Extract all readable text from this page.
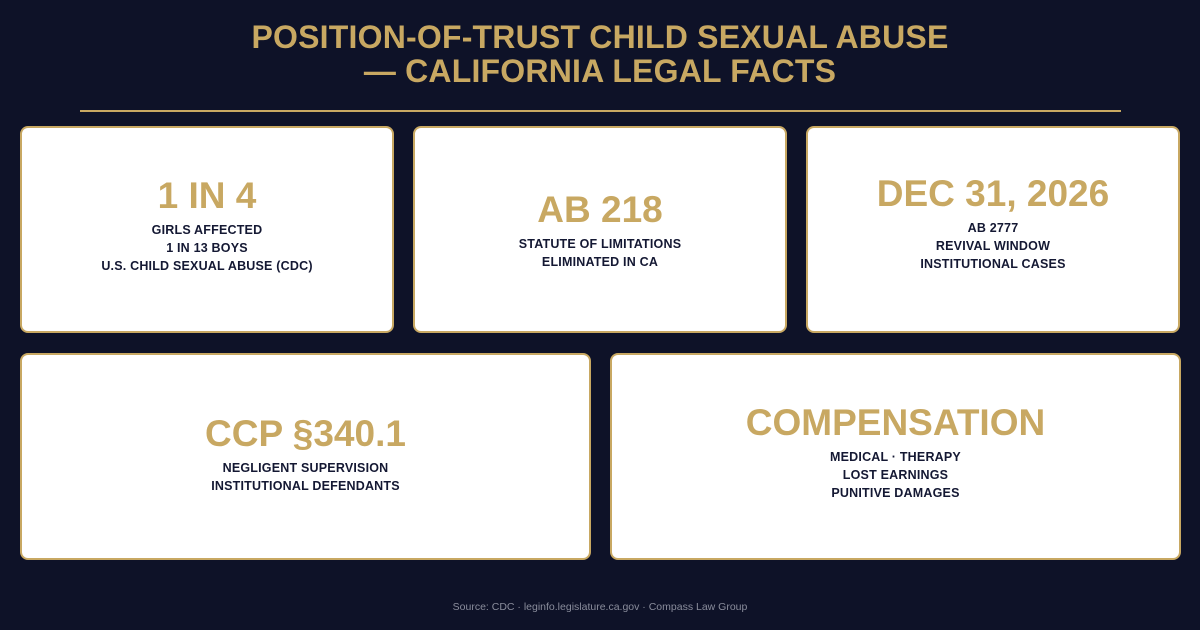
POSITION-OF-TRUST CHILD SEXUAL ABUSE
— CALIFORNIA LEGAL FACTS
1 IN 4
GIRLS AFFECTED
1 IN 13 BOYS
U.S. CHILD SEXUAL ABUSE (CDC)
AB 218
STATUTE OF LIMITATIONS
ELIMINATED IN CA
DEC 31, 2026
AB 2777
REVIVAL WINDOW
INSTITUTIONAL CASES
CCP §340.1
NEGLIGENT SUPERVISION
INSTITUTIONAL DEFENDANTS
COMPENSATION
MEDICAL · THERAPY
LOST EARNINGS
PUNITIVE DAMAGES
Source: CDC · leginfo.legislature.ca.gov · Compass Law Group
